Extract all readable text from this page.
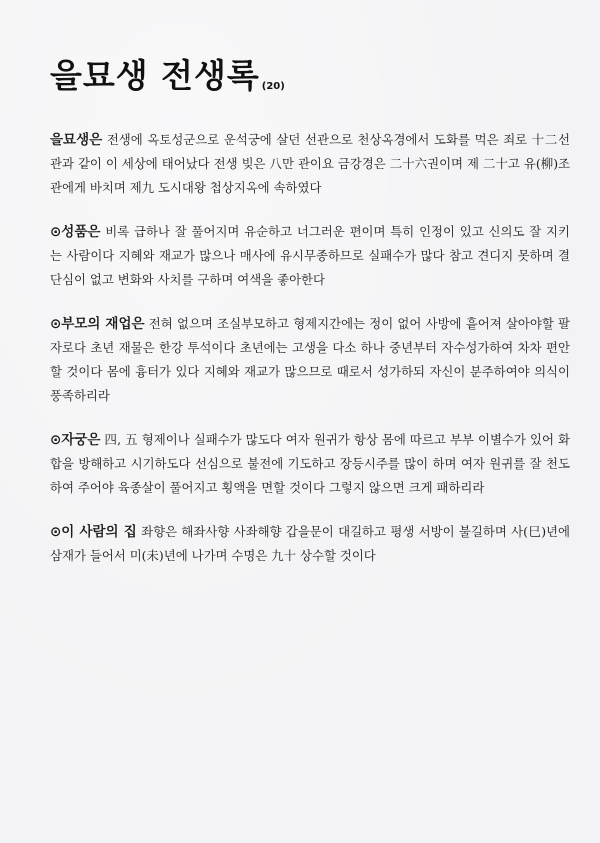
을묘생 전생록 (20)

을묘생은 전생에 옥토성군으로 운석궁에 살던 선관으로 천상옥경에서 도화를 먹은 죄로 十二선관과 같이 이 세상에 태어났다 전생 빚은 八만 관이요 금강경은 二十六권이며 제 二十고 유(柳)조관에게 바치며 제九 도시대왕 첩상지옥에 속하였다

⊙성품은 비록 급하나 잘 풀어지며 유순하고 너그러운 편이며 특히 인정이 있고 신의도 잘 지키는 사람이다 지혜와 재교가 많으나 매사에 유시무종하므로 실패수가 많다 참고 견디지 못하며 결단심이 없고 변화와 사치를 구하며 여색을 좋아한다

⊙부모의 재업은 전혀 없으며 조실부모하고 형제지간에는 정이 없어 사방에 흩어져 살아야할 팔자로다 초년 재물은 한강 투석이다 초년에는 고생을 다소 하나 중년부터 자수성가하여 차차 편안할 것이다 몸에 흉터가 있다 지혜와 재교가 많으므로 때로서 성가하되 자신이 분주하여야 의식이 풍족하리라

⊙자궁은 四, 五 형제이나 실패수가 많도다 여자 원귀가 항상 몸에 따르고 부부 이별수가 있어 화합을 방해하고 시기하도다 선심으로 불전에 기도하고 장등시주를 많이 하며 여자 원귀를 잘 천도하여 주어야 육종살이 풀어지고 횡액을 면할 것이다 그렇지 않으면 크게 패하리라

⊙이 사람의 집 좌향은 해좌사향 사좌해향 갑을문이 대길하고 평생 서방이 불길하며 사(巳)년에 삼재가 들어서 미(未)년에 나가며 수명은 九十 상수할 것이다
